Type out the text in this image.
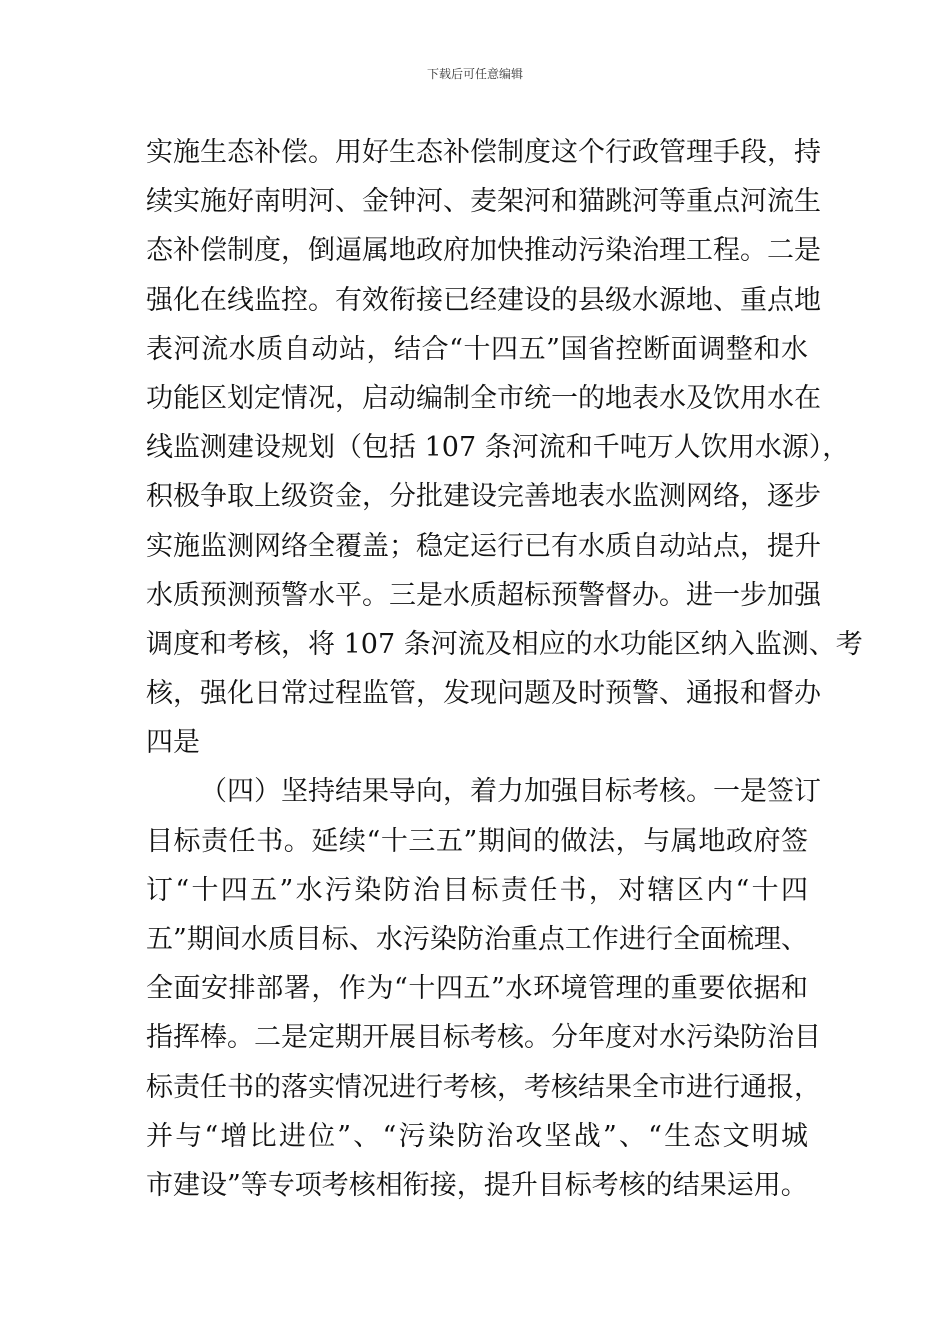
下载后可任意编辑
实施生态补偿。用好生态补偿制度这个行政管理手段，持
续实施好南明河、金钟河、麦架河和猫跳河等重点河流生
态补偿制度，倒逼属地政府加快推动污染治理工程。二是
强化在线监控。有效衔接已经建设的县级水源地、重点地
表河流水质自动站，结合“十四五”国省控断面调整和水
功能区划定情况，启动编制全市统一的地表水及饮用水在
线监测建设规划（包括 107 条河流和千吨万人饮用水源），
积极争取上级资金，分批建设完善地表水监测网络，逐步
实施监测网络全覆盖；稳定运行已有水质自动站点，提升
水质预测预警水平。三是水质超标预警督办。进一步加强
调度和考核，将 107 条河流及相应的水功能区纳入监测、考
核，强化日常过程监管，发现问题及时预警、通报和督办
四是
（四）坚持结果导向，着力加强目标考核。一是签订
目标责任书。延续“十三五”期间的做法，与属地政府签
订“十四五”水污染防治目标责任书，对辖区内“十四
五”期间水质目标、水污染防治重点工作进行全面梳理、
全面安排部署，作为“十四五”水环境管理的重要依据和
指挥棒。二是定期开展目标考核。分年度对水污染防治目
标责任书的落实情况进行考核，考核结果全市进行通报，
并与“增比进位”、“污染防治攻坚战”、“生态文明城
市建设”等专项考核相衔接，提升目标考核的结果运用。
